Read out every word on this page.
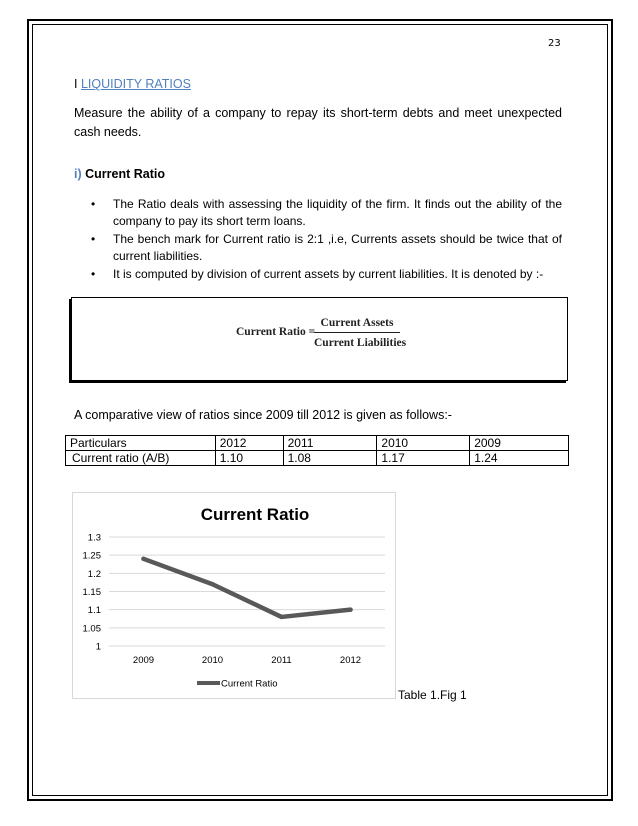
23
I LIQUIDITY RATIOS
Measure the ability of a company to repay its short-term debts and meet unexpected cash needs.
i) Current Ratio
• The Ratio deals with assessing the liquidity of the firm. It finds out the ability of the company to pay its short term loans.
• The bench mark for Current ratio is 2:1 ,i.e, Currents assets should be twice that of current liabilities.
• It is computed by division of current assets by current liabilities. It is denoted by :-
Current Ratio =
Current Assets
Current Liabilities
A comparative view of ratios since 2009 till 2012 is given as follows:-
Particulars	2012	2011	2010	2009
Current ratio (A/B)	1.10	1.08	1.17	1.24
Current Ratio
1
1.05
1.1
1.15
1.2
1.25
1.3
2009	2010	2011	2012
Current Ratio
Table 1.Fig 1
